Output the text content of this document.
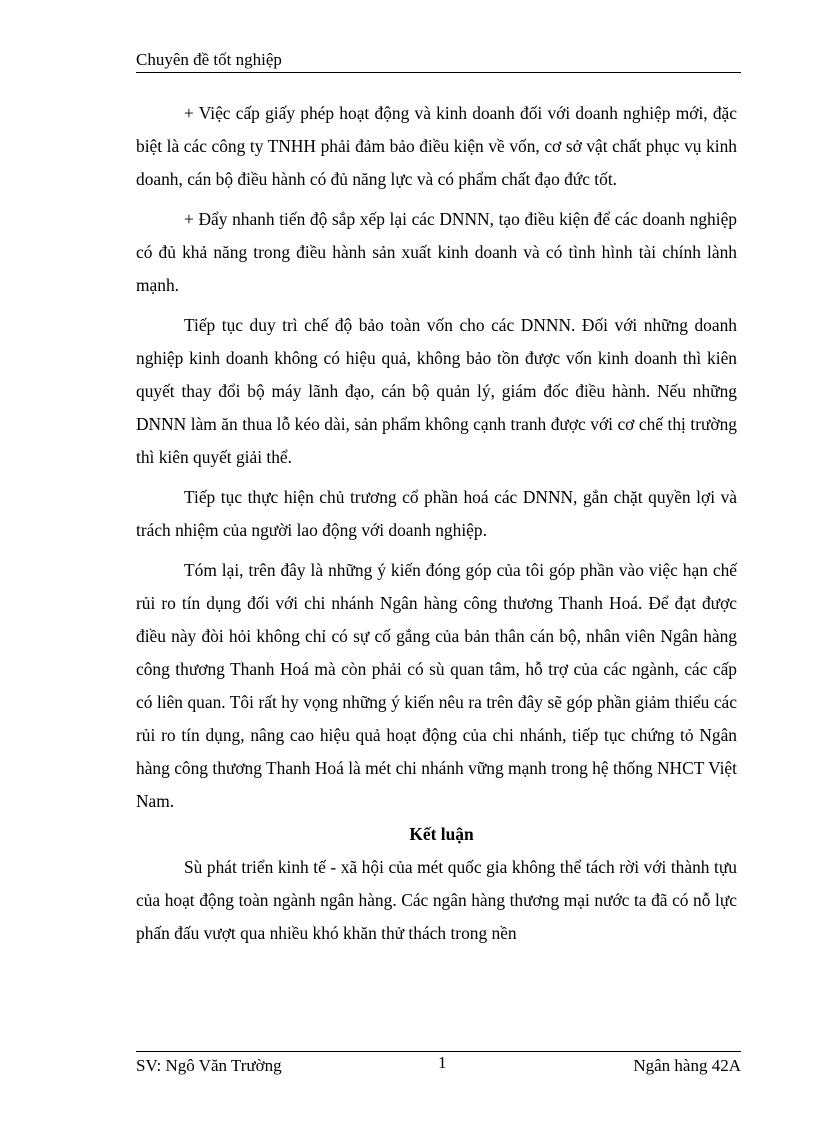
Chuyên đề tốt nghiệp

+ Việc cấp giấy phép hoạt động và kinh doanh đối với doanh nghiệp mới, đặc biệt là các công ty TNHH phải đảm bảo điều kiện về vốn, cơ sở vật chất phục vụ kinh doanh, cán bộ điều hành có đủ năng lực và có phẩm chất đạo đức tốt.

+ Đẩy nhanh tiến độ sắp xếp lại các DNNN, tạo điều kiện để các doanh nghiệp có đủ khả năng trong điều hành sản xuất kinh doanh và có tình hình tài chính lành mạnh.

Tiếp tục duy trì chế độ bảo toàn vốn cho các DNNN. Đối với những doanh nghiệp kinh doanh không có hiệu quả, không bảo tồn được vốn kinh doanh thì kiên quyết thay đổi bộ máy lãnh đạo, cán bộ quản lý, giám đốc điều hành. Nếu những DNNN làm ăn thua lỗ kéo dài, sản phẩm không cạnh tranh được với cơ chế thị trường thì kiên quyết giải thể.

Tiếp tục thực hiện chủ trương cổ phần hoá các DNNN, gắn chặt quyền lợi và trách nhiệm của người lao động với doanh nghiệp.

Tóm lại, trên đây là những ý kiến đóng góp của tôi góp phần vào việc hạn chế rủi ro tín dụng đối với chi nhánh Ngân hàng công thương Thanh Hoá. Để đạt được điều này đòi hỏi không chỉ có sự cố gắng của bản thân cán bộ, nhân viên Ngân hàng công thương Thanh Hoá mà còn phải có sù quan tâm, hỗ trợ của các ngành, các cấp có liên quan. Tôi rất hy vọng những ý kiến nêu ra trên đây sẽ góp phần giảm thiểu các rủi ro tín dụng, nâng cao hiệu quả hoạt động của chi nhánh, tiếp tục chứng tỏ Ngân hàng công thương Thanh Hoá là mét chi nhánh vững mạnh trong hệ thống NHCT Việt Nam.

Kết luận

Sù phát triển kinh tế - xã hội của mét quốc gia không thể tách rời với thành tựu của hoạt động toàn ngành ngân hàng. Các ngân hàng thương mại nước ta đã có nỗ lực phấn đấu vượt qua nhiều khó khăn thử thách trong nền

SV: Ngô Văn Trường	1	Ngân hàng 42A
